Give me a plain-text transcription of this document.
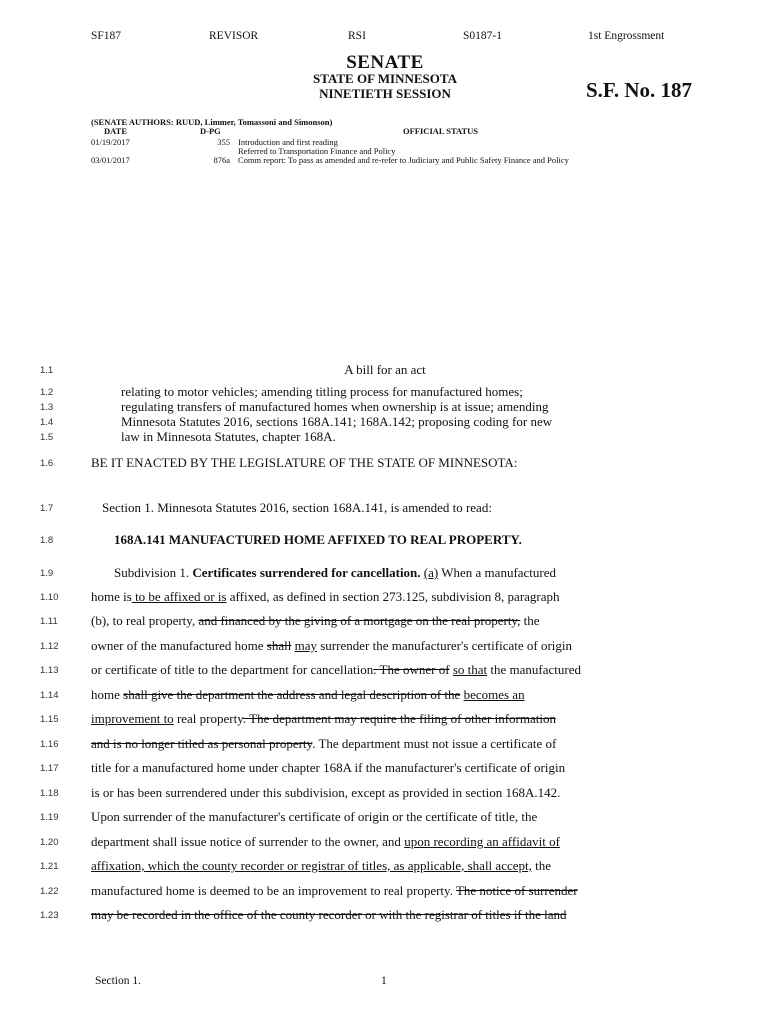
SF187	REVISOR	RSI	S0187-1	1st Engrossment
SENATE
STATE OF MINNESOTA
NINETIETH SESSION	S.F. No. 187
(SENATE AUTHORS: RUUD, Limmer, Tomassoni and Simonson)
DATE	D-PG	OFFICIAL STATUS
01/19/2017	355 Introduction and first reading
Referred to Transportation Finance and Policy
03/01/2017	876a Comm report: To pass as amended and re-refer to Judiciary and Public Safety Finance and Policy
1.1
1.2
1.3
1.4
1.5
1.6
1.7
1.8
1.9
1.10
1.11
1.12
1.13
1.14
1.15
1.16
1.17
1.18
1.19
1.20
1.21
1.22
1.23
A bill for an act
relating to motor vehicles; amending titling process for manufactured homes;
regulating transfers of manufactured homes when ownership is at issue; amending
Minnesota Statutes 2016, sections 168A.141; 168A.142; proposing coding for new
law in Minnesota Statutes, chapter 168A.
BE IT ENACTED BY THE LEGISLATURE OF THE STATE OF MINNESOTA:
Section 1. Minnesota Statutes 2016, section 168A.141, is amended to read:
168A.141 MANUFACTURED HOME AFFIXED TO REAL PROPERTY.
Subdivision 1. Certificates surrendered for cancellation. (a) When a manufactured
home is to be affixed or is affixed, as defined in section 273.125, subdivision 8, paragraph
(b), to real property, and financed by the giving of a mortgage on the real property, the
owner of the manufactured home shall may surrender the manufacturer's certificate of origin
or certificate of title to the department for cancellation. The owner of so that the manufactured
home shall give the department the address and legal description of the becomes an
improvement to real property. The department may require the filing of other information
and is no longer titled as personal property. The department must not issue a certificate of
title for a manufactured home under chapter 168A if the manufacturer's certificate of origin
is or has been surrendered under this subdivision, except as provided in section 168A.142.
Upon surrender of the manufacturer's certificate of origin or the certificate of title, the
department shall issue notice of surrender to the owner, and upon recording an affidavit of
affixation, which the county recorder or registrar of titles, as applicable, shall accept, the
manufactured home is deemed to be an improvement to real property. The notice of surrender
may be recorded in the office of the county recorder or with the registrar of titles if the land
Section 1.	1
